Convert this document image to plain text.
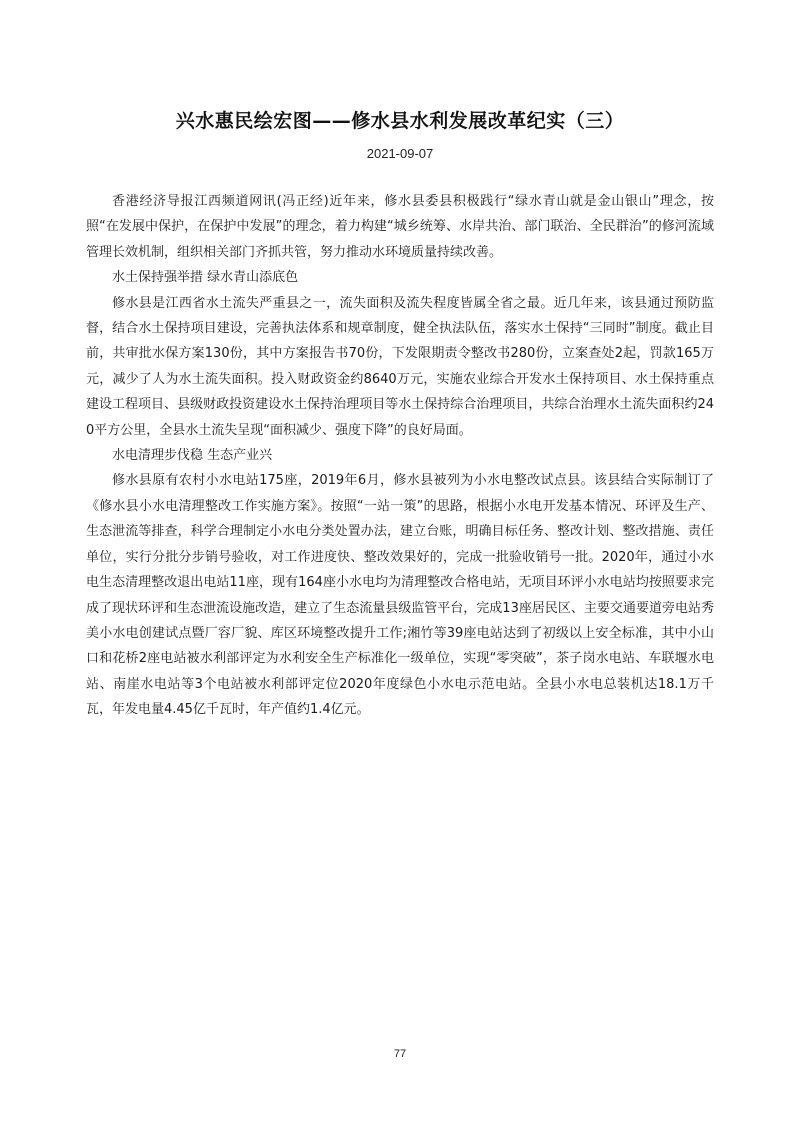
兴水惠民绘宏图——修水县水利发展改革纪实（三）
2021-09-07

香港经济导报江西频道网讯(冯正经)近年来，修水县委县积极践行“绿水青山就是金山银山”理念，按照“在发展中保护，在保护中发展”的理念，着力构建“城乡统筹、水岸共治、部门联治、全民群治”的修河流域管理长效机制，组织相关部门齐抓共管，努力推动水环境质量持续改善。

水土保持强举措 绿水青山添底色

修水县是江西省水土流失严重县之一，流失面积及流失程度皆属全省之最。近几年来，该县通过预防监督，结合水土保持项目建设，完善执法体系和规章制度，健全执法队伍，落实水土保持“三同时”制度。截止目前，共审批水保方案130份，其中方案报告书70份，下发限期责令整改书280份，立案查处2起，罚款165万元，减少了人为水土流失面积。投入财政资金约8640万元，实施农业综合开发水土保持项目、水土保持重点建设工程项目、县级财政投资建设水土保持治理项目等水土保持综合治理项目，共综合治理水土流失面积约240平方公里，全县水土流失呈现“面积减少、强度下降”的良好局面。

水电清理步伐稳 生态产业兴

修水县原有农村小水电站175座，2019年6月，修水县被列为小水电整改试点县。该县结合实际制订了《修水县小水电清理整改工作实施方案》。按照“一站一策”的思路，根据小水电开发基本情况、环评及生产、生态泄流等排查，科学合理制定小水电分类处置办法，建立台账，明确目标任务、整改计划、整改措施、责任单位，实行分批分步销号验收，对工作进度快、整改效果好的，完成一批验收销号一批。2020年，通过小水电生态清理整改退出电站11座，现有164座小水电均为清理整改合格电站，无项目环评小水电站均按照要求完成了现状环评和生态泄流设施改造，建立了生态流量县级监管平台，完成13座居民区、主要交通要道旁电站秀美小水电创建试点暨厂容厂貌、库区环境整改提升工作;湘竹等39座电站达到了初级以上安全标准，其中小山口和花桥2座电站被水利部评定为水利安全生产标准化一级单位，实现“零突破”，茶子岗水电站、车联堰水电站、南崖水电站等3个电站被水利部评定位2020年度绿色小水电示范电站。全县小水电总装机达18.1万千瓦，年发电量4.45亿千瓦时，年产值约1.4亿元。

77
